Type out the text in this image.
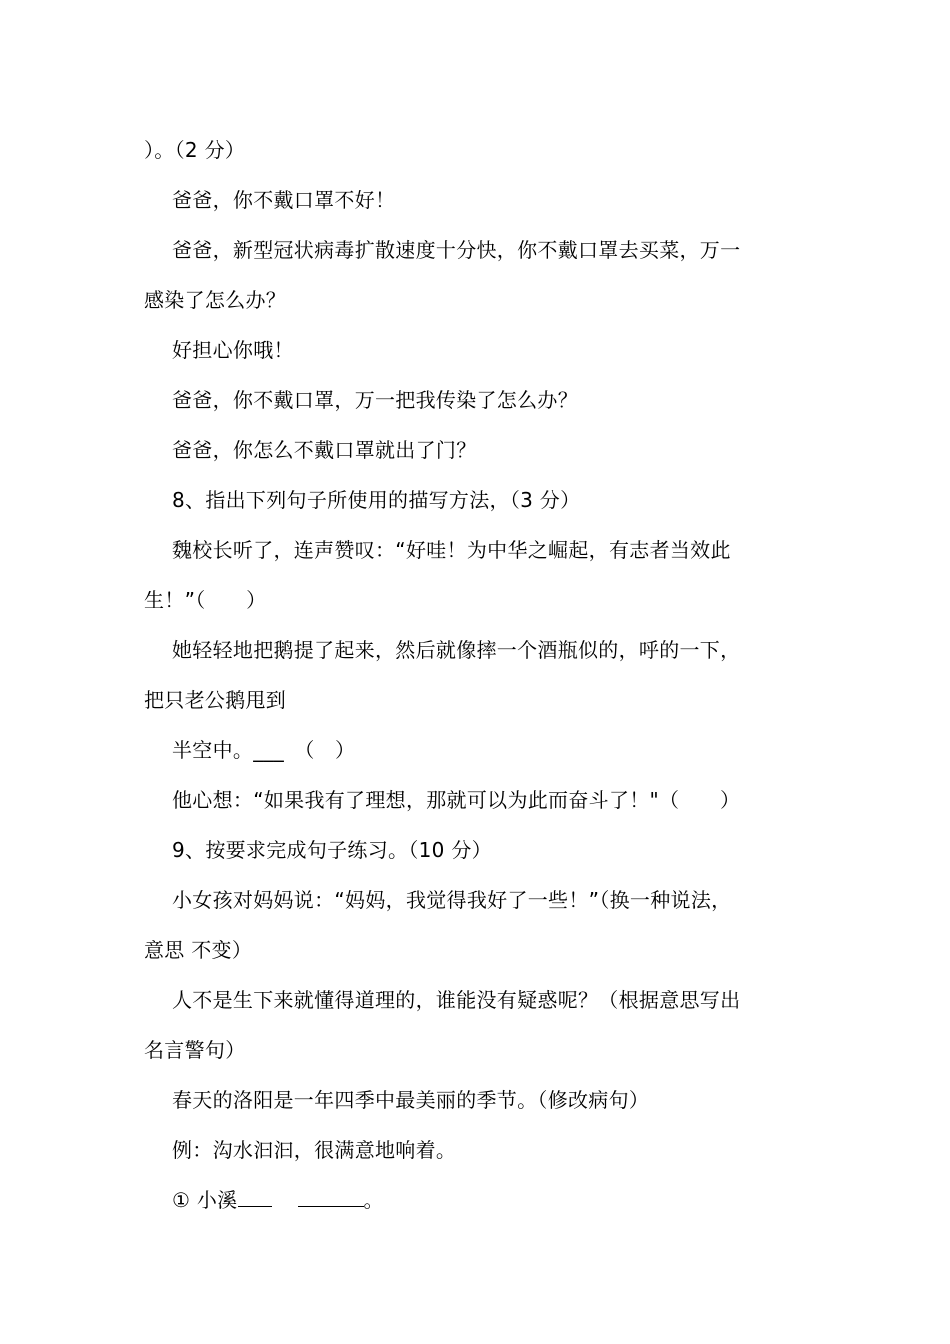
）。（2 分）
爸爸，你不戴口罩不好！
爸爸，新型冠状病毒扩散速度十分快，你不戴口罩去买菜，万一
感染了怎么办？
好担心你哦！
爸爸，你不戴口罩，万一把我传染了怎么办？
爸爸，你怎么不戴口罩就出了门？
8、指出下列句子所使用的描写方法，（3 分）
魏校长听了，连声赞叹：“好哇！为中华之崛起，有志者当效此
生！”（　　）
她轻轻地把鹅提了起来，然后就像摔一个酒瓶似的，呼的一下，
把只老公鹅甩到
半空中。___　（　）
他心想：“如果我有了理想，那就可以为此而奋斗了！"（　　）
9、按要求完成句子练习。（10 分）
小女孩对妈妈说：“妈妈，我觉得我好了一些！”（换一种说法，
意思 不变）
人不是生下来就懂得道理的，谁能没有疑惑呢？（根据意思写出
名言警句）
春天的洛阳是一年四季中最美丽的季节。（修改病句）
例：沟水汩汩，很满意地响着。
① 小溪	。
